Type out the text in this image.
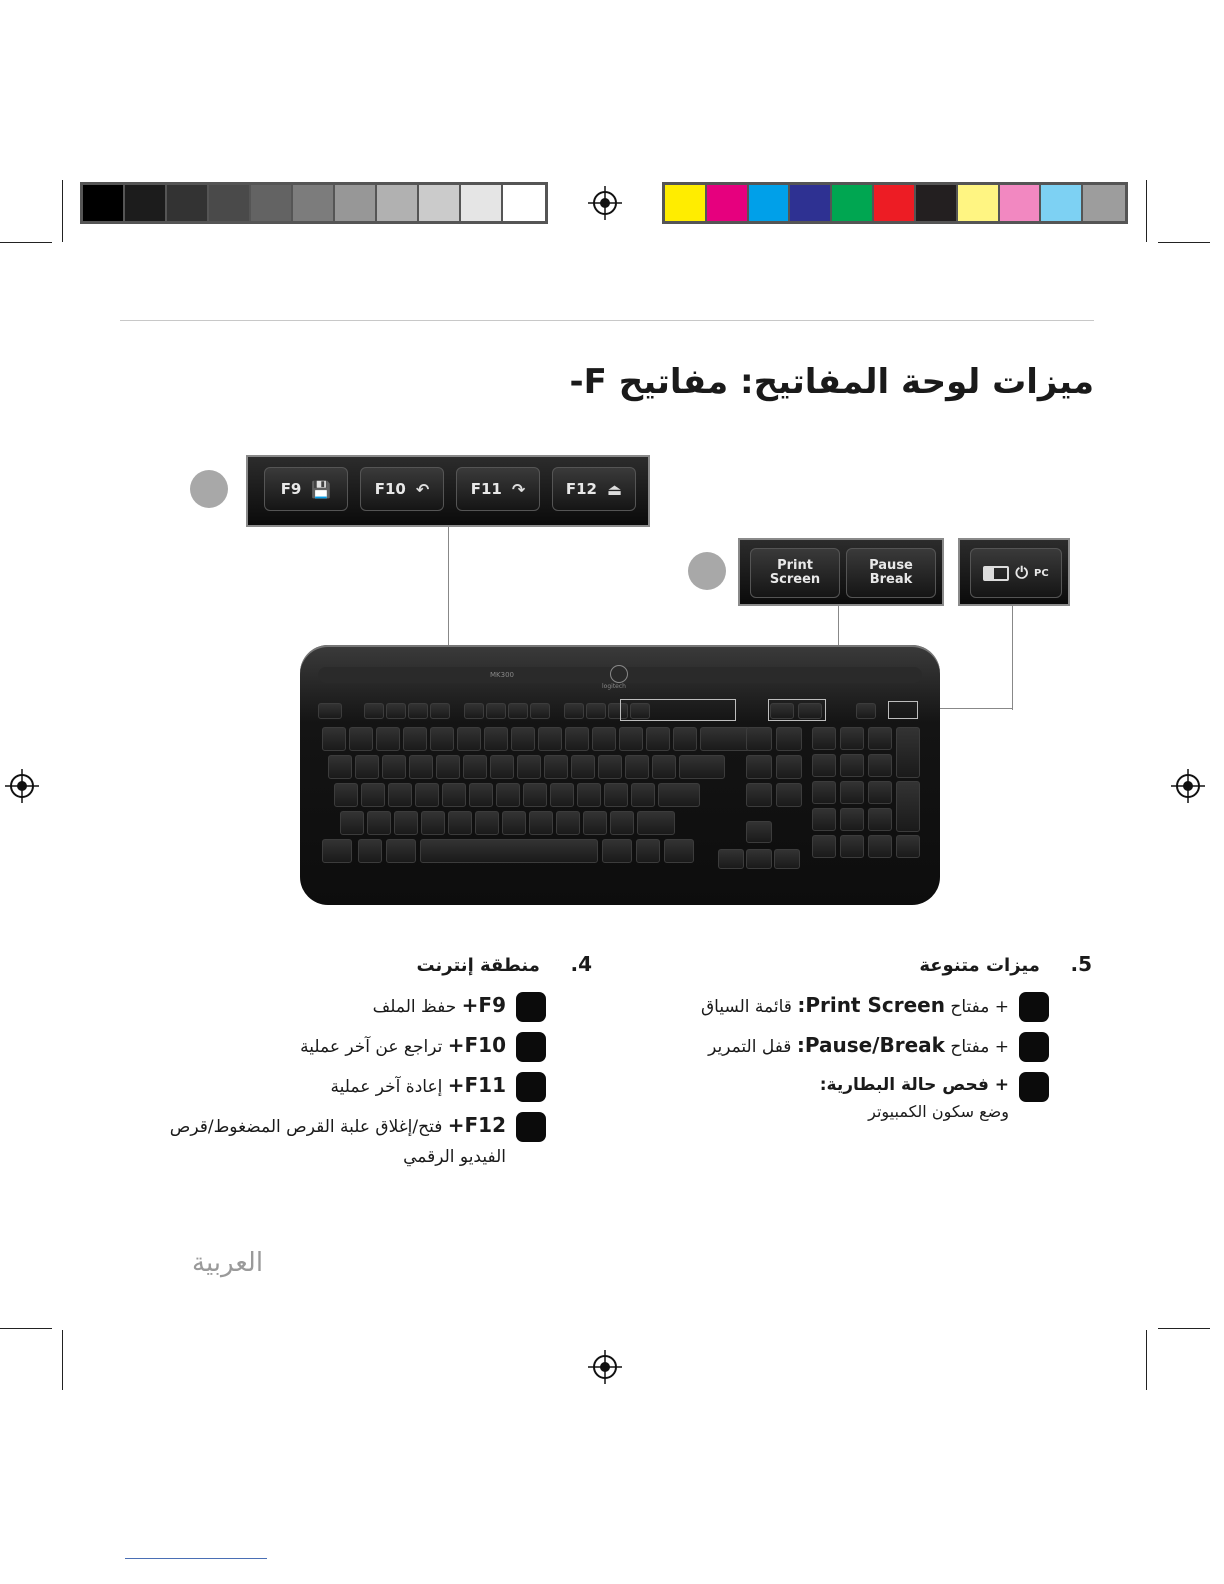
ميزات لوحة المفاتيح: مفاتيح F-
F9 💾	F10 ↶	F11 ↷	F12 ⏏
Print
Screen
Pause
Break	⏻ PC
logitech
MK300
5.  ميزات متنوعة
+ مفتاح Print Screen: قائمة السياق
+ مفتاح Pause/Break: قفل التمرير
+ فحص حالة البطارية:
وضع سكون الكمبيوتر
4.  منطقة إنترنت
F9+ حفظ الملف
F10+ تراجع عن آخر عملية
F11+ إعادة آخر عملية
F12+ فتح/إغلاق علبة القرص المضغوط/قرص الفيديو الرقمي
العربية
